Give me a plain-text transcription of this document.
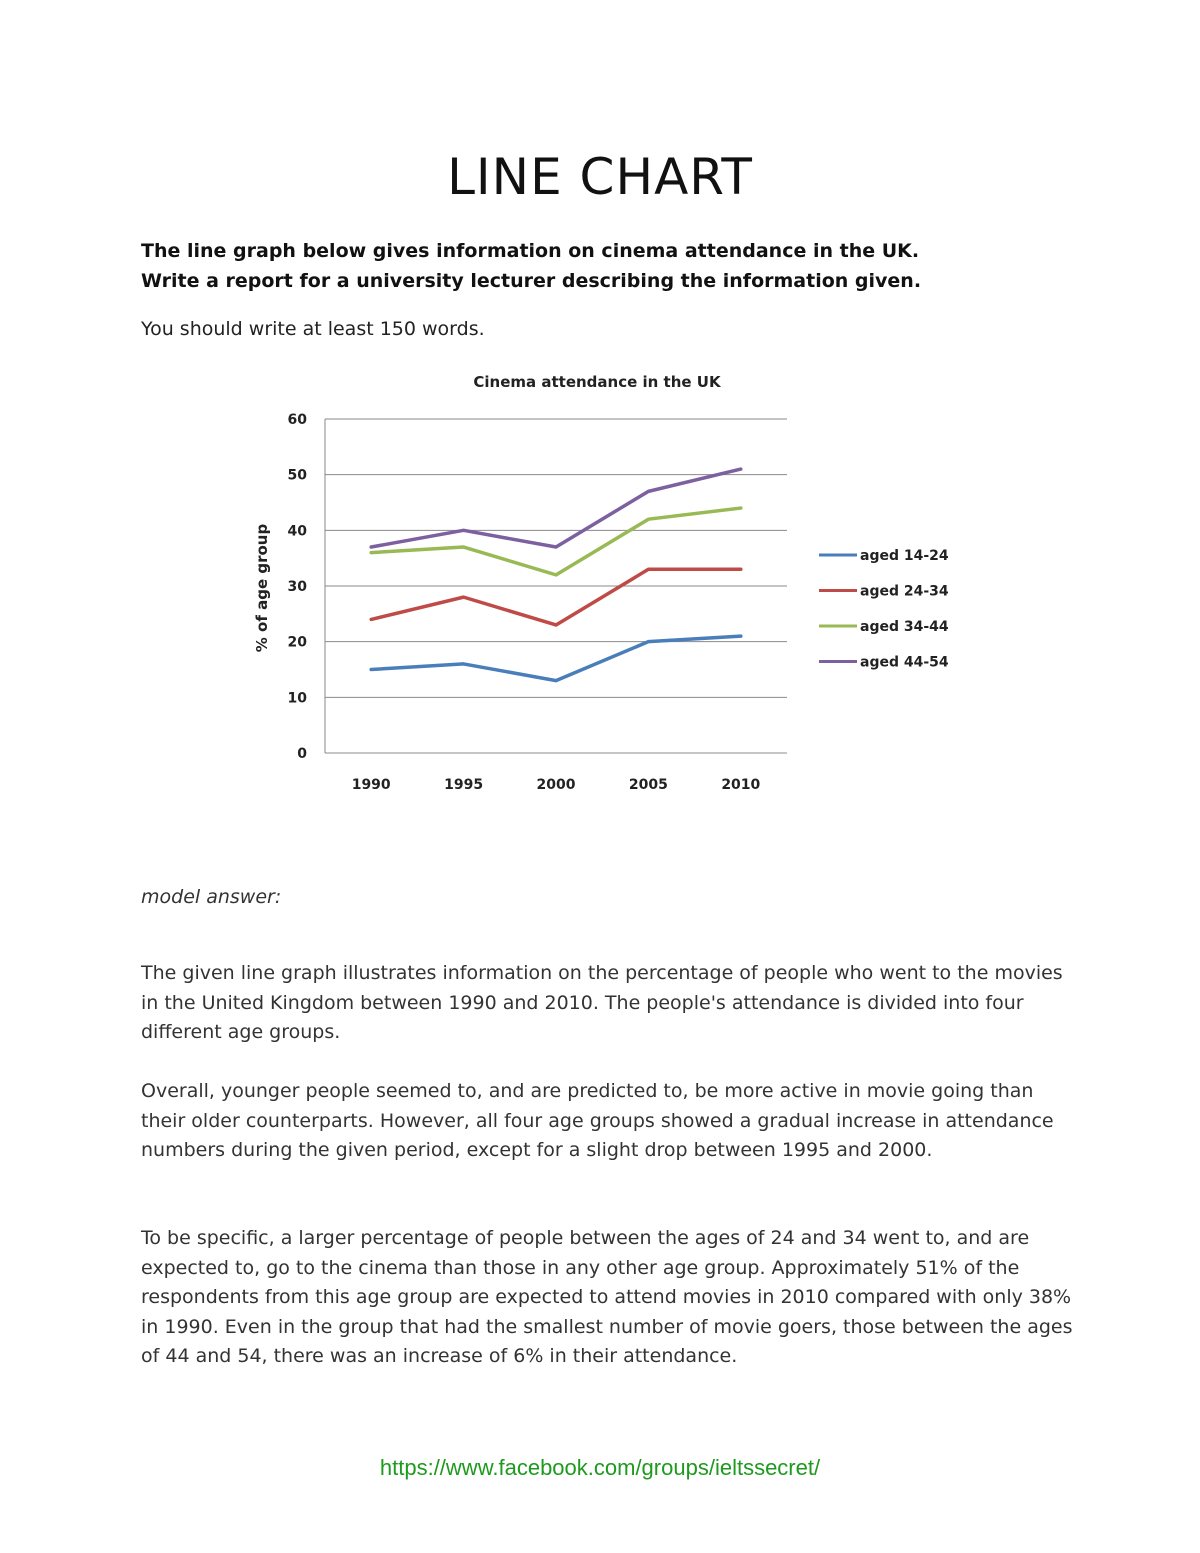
LINE CHART
The line graph below gives information on cinema attendance in the UK.
Write a report for a university lecturer describing the information given.
You should write at least 150 words.
Cinema attendance in the UK
% of age group
0
10
20
30
40
50
60
1990	1995	2000	2005	2010
aged 14-24
aged 24-34
aged 34-44
aged 44-54
model answer:

The given line graph illustrates information on the percentage of people who went to the movies in the United Kingdom between 1990 and 2010. The people's attendance is divided into four different age groups.

Overall, younger people seemed to, and are predicted to, be more active in movie going than their older counterparts. However, all four age groups showed a gradual increase in attendance numbers during the given period, except for a slight drop between 1995 and 2000.

To be specific, a larger percentage of people between the ages of 24 and 34 went to, and are expected to, go to the cinema than those in any other age group. Approximately 51% of the respondents from this age group are expected to attend movies in 2010 compared with only 38% in 1990. Even in the group that had the smallest number of movie goers, those between the ages of 44 and 54, there was an increase of 6% in their attendance.

https://www.facebook.com/groups/ieltssecret/
